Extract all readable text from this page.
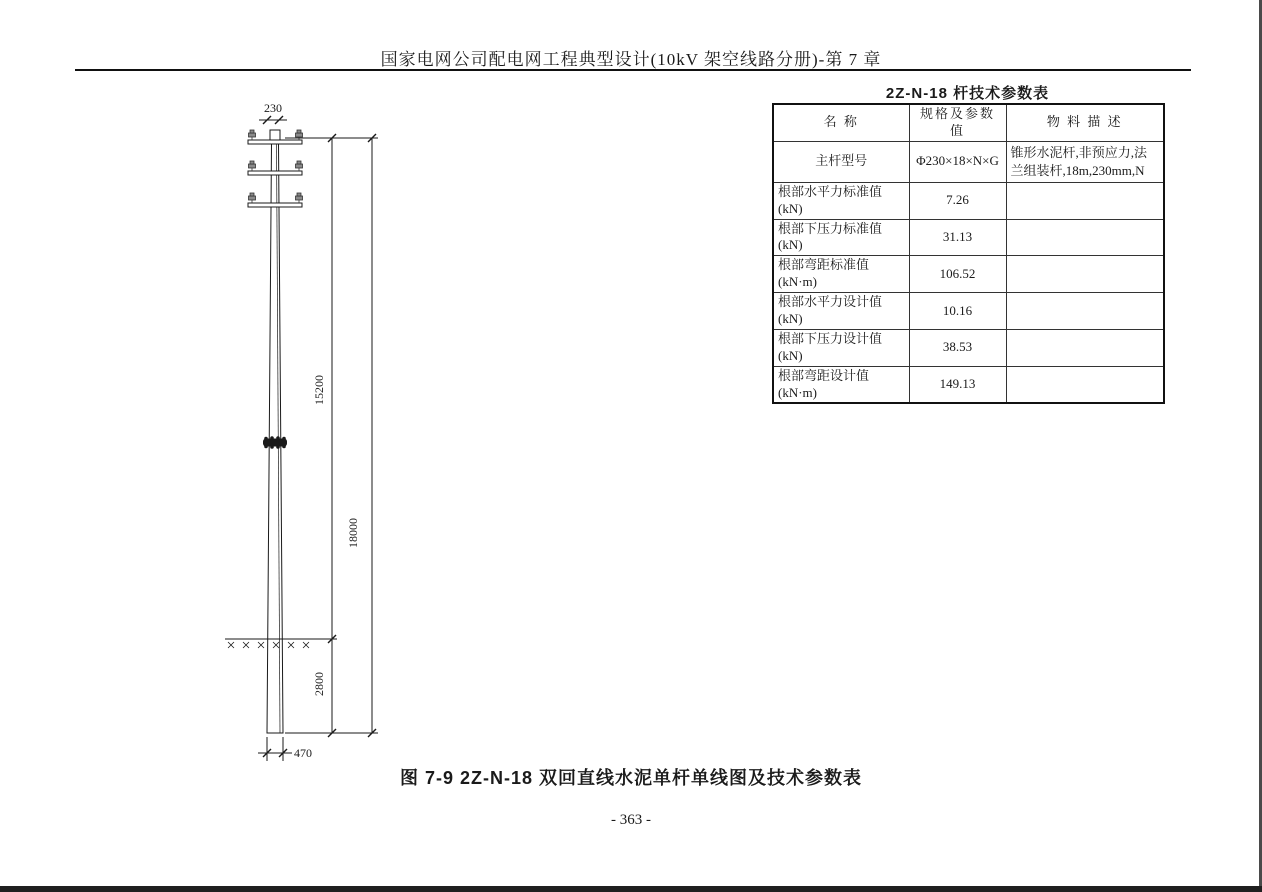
国家电网公司配电网工程典型设计(10kV 架空线路分册)-第 7 章
2Z-N-18 杆技术参数表
名 称	规格及参数值	物 料 描 述
主杆型号	Φ230×18×N×G	锥形水泥杆,非预应力,法兰组装杆,18m,230mm,N
根部水平力标准值(kN)	7.26	
根部下压力标准值(kN)	31.13	
根部弯距标准值(kN·m)	106.52	
根部水平力设计值(kN)	10.16	
根部下压力设计值(kN)	38.53	
根部弯距设计值(kN·m)	149.13	
230
15200
2800
18000
470
图 7-9 2Z-N-18 双回直线水泥单杆单线图及技术参数表
- 363 -
